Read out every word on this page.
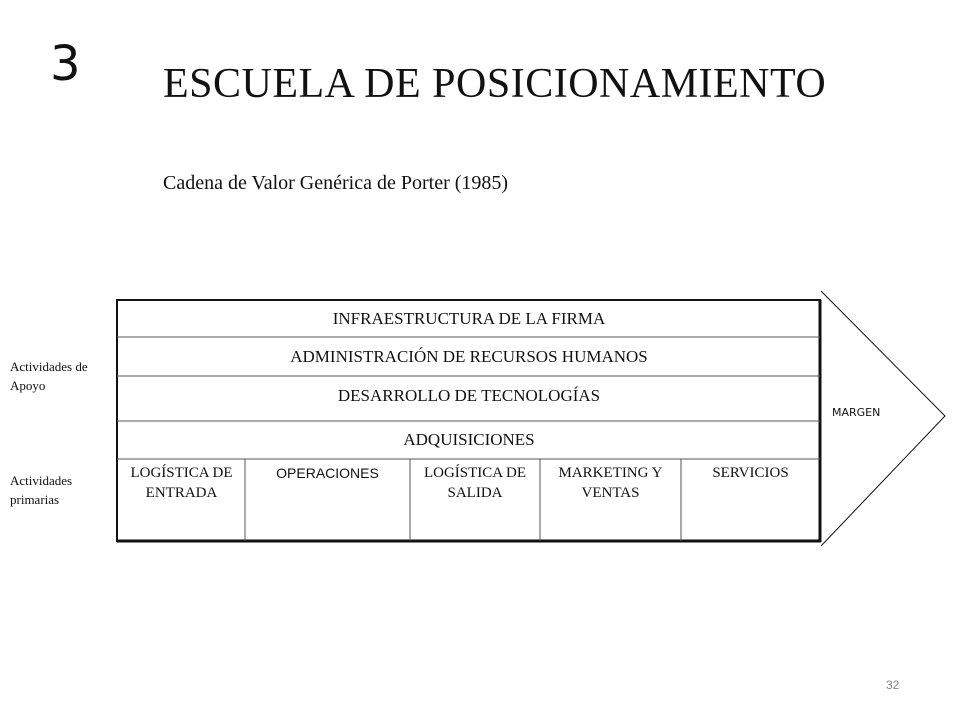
3 ESCUELA DE POSICIONAMIENTO
Cadena de Valor Genérica de Porter (1985)
Actividades de Apoyo
Actividades primarias
INFRAESTRUCTURA DE LA FIRMA
ADMINISTRACIÓN DE RECURSOS HUMANOS
DESARROLLO DE TECNOLOGÍAS
ADQUISICIONES
LOGÍSTICA DE ENTRADA
OPERACIONES	LOGÍSTICA DE SALIDA
MARKETING Y VENTAS
SERVICIOS
MARGEN
32
